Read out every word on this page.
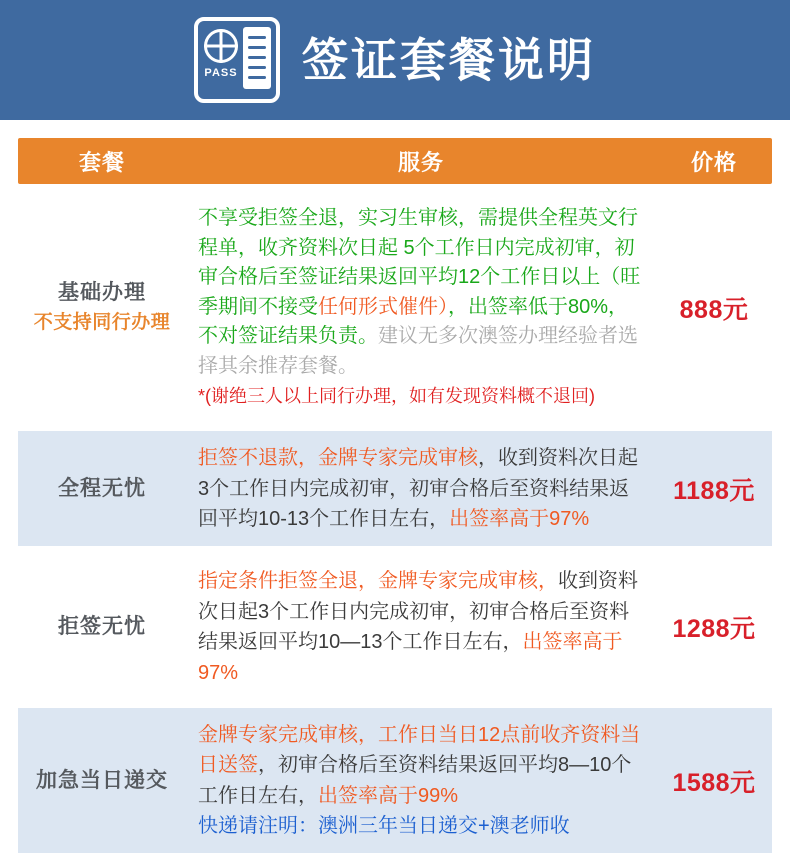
PASS 签证套餐说明
套餐	服务	价格
基础办理
不支持同行办理

不享受拒签全退，实习生审核，需提供全程英文行程单，收齐资料次日起 5个工作日内完成初审，初审合格后至签证结果返回平均12个工作日以上（旺季期间不接受任何形式催件），出签率低于80%，不对签证结果负责。建议无多次澳签办理经验者选择其余推荐套餐。

*(谢绝三人以上同行办理，如有发现资料概不退回)

888元
全程无忧

拒签不退款，金牌专家完成审核，收到资料次日起3个工作日内完成初审，初审合格后至资料结果返回平均10-13个工作日左右，出签率高于97%

1188元
拒签无忧

指定条件拒签全退，金牌专家完成审核，收到资料次日起3个工作日内完成初审，初审合格后至资料结果返回平均10—13个工作日左右，出签率高于97%

1288元
加急当日递交

金牌专家完成审核，工作日当日12点前收齐资料当日送签，初审合格后至资料结果返回平均8—10个工作日左右，出签率高于99%

快递请注明：澳洲三年当日递交+澳老师收

1588元
